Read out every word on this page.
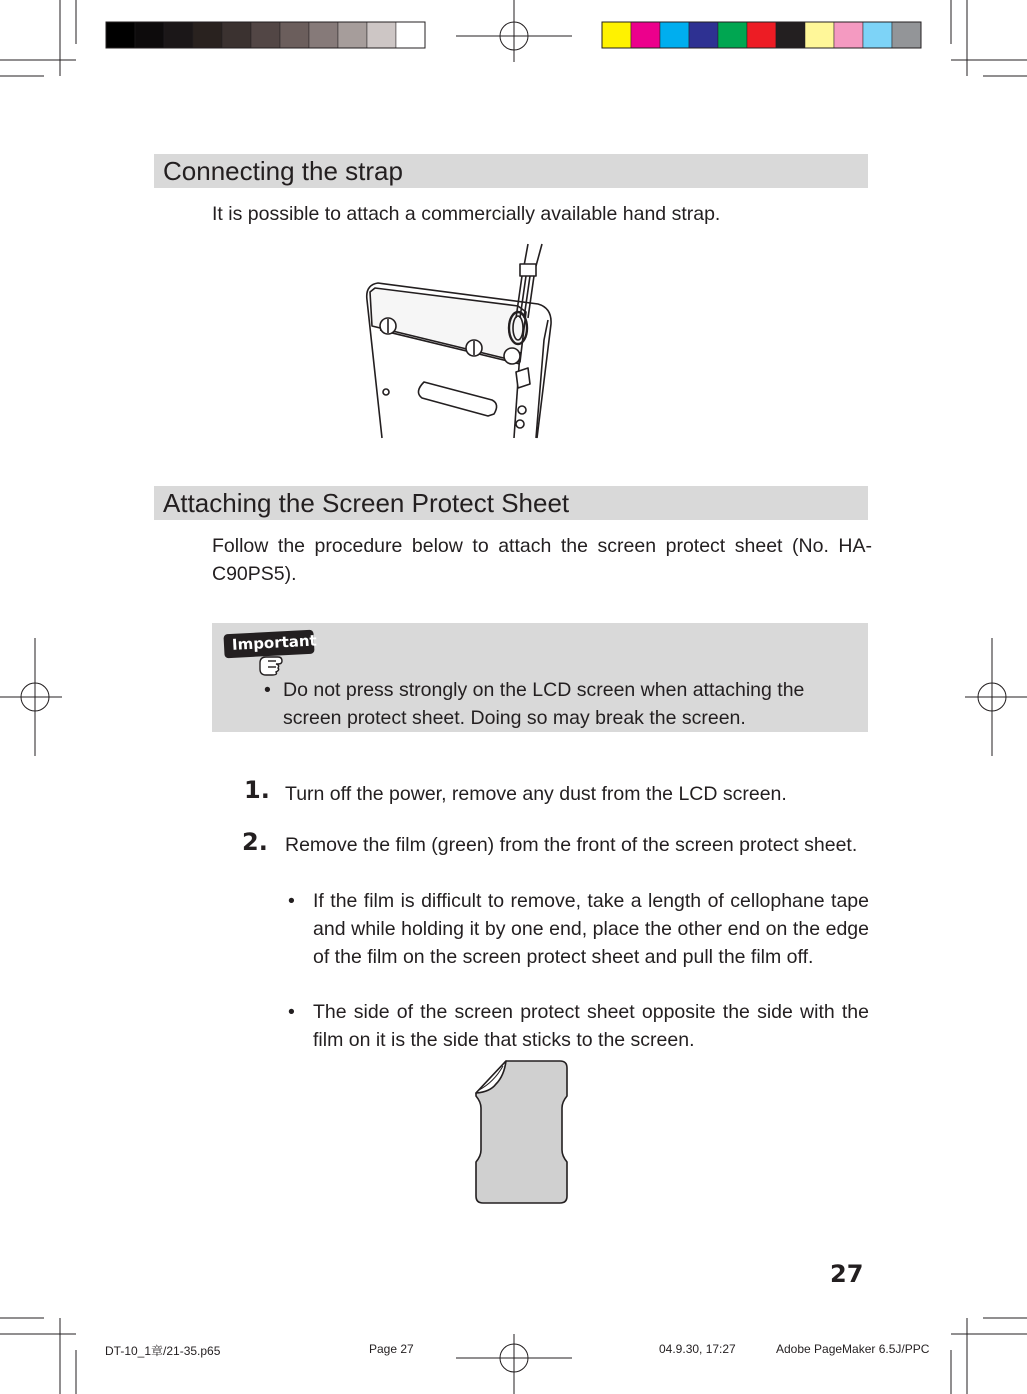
Connecting the strap
It is possible to attach a commercially available hand strap.
Attaching the Screen Protect Sheet
Follow the procedure below to attach the screen protect sheet (No. HA-C90PS5).
Important
• Do not press strongly on the LCD screen when attaching the screen protect sheet. Doing so may break the screen.
1. Turn off the power, remove any dust from the LCD screen.
2. Remove the film (green) from the front of the screen protect sheet.
• If the film is difficult to remove, take a length of cellophane tape and while holding it by one end, place the other end on the edge of the film on the screen protect sheet and pull the film off.
• The side of the screen protect sheet opposite the side with the film on it is the side that sticks to the screen.
27
DT-10_1章/21-35.p65	Page 27	04.9.30, 17:27	Adobe PageMaker 6.5J/PPC
